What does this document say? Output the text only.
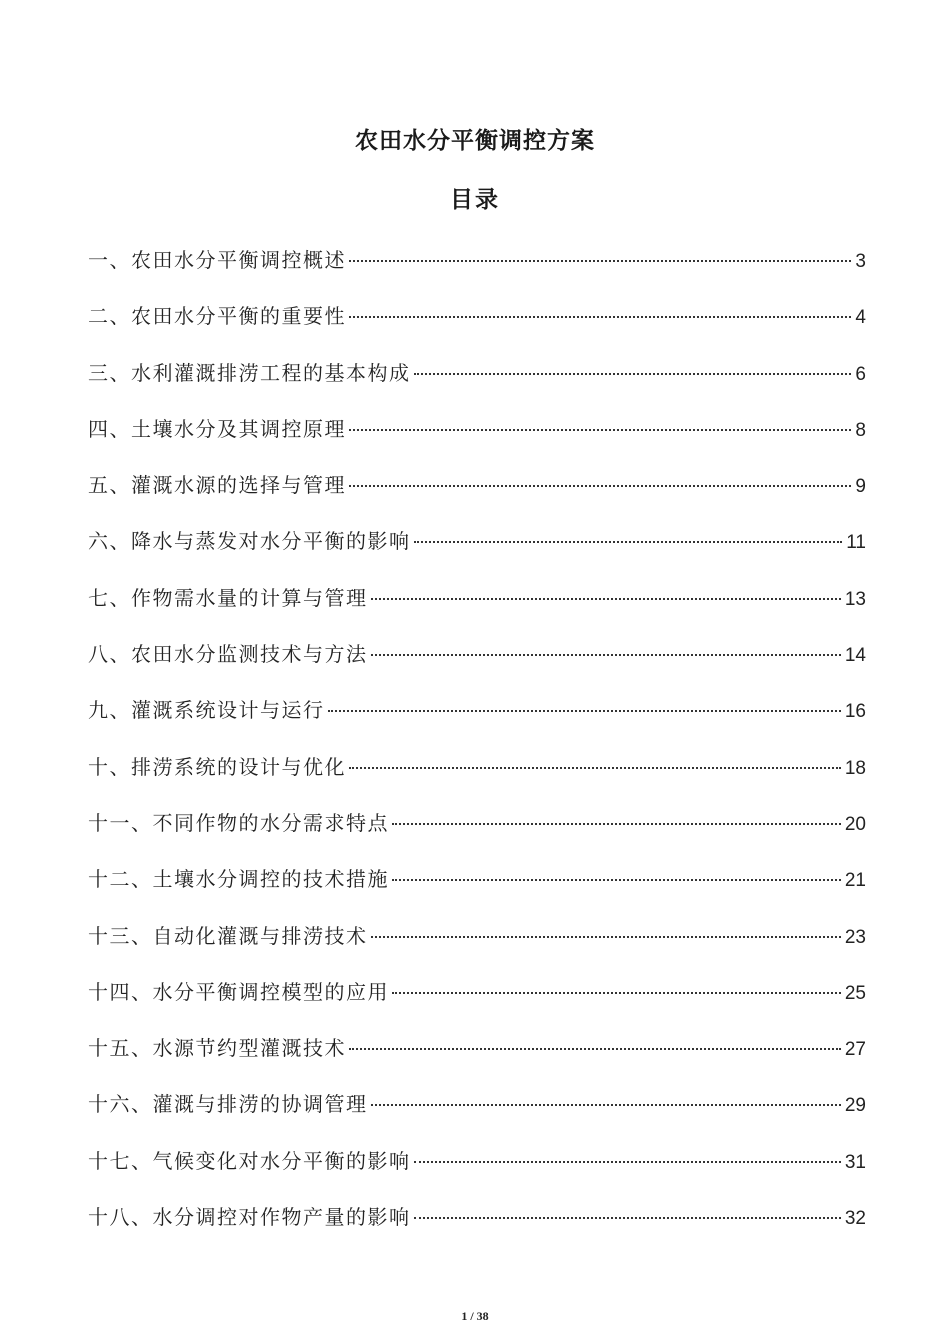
农田水分平衡调控方案
目录
一、农田水分平衡调控概述	3
二、农田水分平衡的重要性	4
三、水利灌溉排涝工程的基本构成	6
四、土壤水分及其调控原理	8
五、灌溉水源的选择与管理	9
六、降水与蒸发对水分平衡的影响	11
七、作物需水量的计算与管理	13
八、农田水分监测技术与方法	14
九、灌溉系统设计与运行	16
十、排涝系统的设计与优化	18
十一、不同作物的水分需求特点	20
十二、土壤水分调控的技术措施	21
十三、自动化灌溉与排涝技术	23
十四、水分平衡调控模型的应用	25
十五、水源节约型灌溉技术	27
十六、灌溉与排涝的协调管理	29
十七、气候变化对水分平衡的影响	31
十八、水分调控对作物产量的影响	32
1 / 38
